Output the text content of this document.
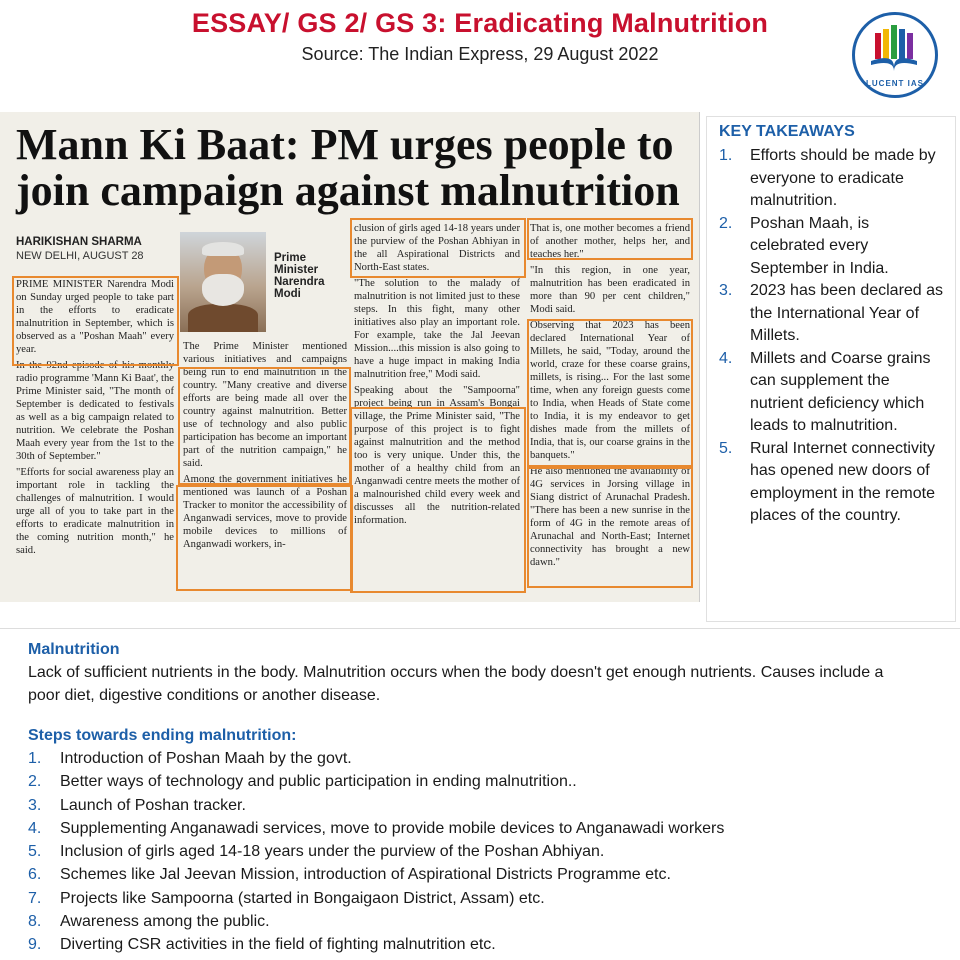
ESSAY/ GS 2/ GS 3: Eradicating Malnutrition
Source: The Indian Express, 29 August 2022
LUCENT IAS
Mann Ki Baat: PM urges people to
join campaign against malnutrition
HARIKISHAN SHARMA
NEW DELHI, AUGUST 28	Prime Minister Narendra Modi

PRIME MINISTER Narendra Modi on Sunday urged people to take part in the efforts to eradicate malnutrition in September, which is observed as a "Poshan Maah" every year.

In the 92nd episode of his monthly radio programme 'Mann Ki Baat', the Prime Minister said, "The month of September is dedicated to festivals as well as a big campaign related to nutrition. We celebrate the Poshan Maah every year from the 1st to the 30th of September."

"Efforts for social awareness play an important role in tackling the challenges of malnutrition. I would urge all of you to take part in the efforts to eradicate malnutrition in the coming nutrition month," he said.

The Prime Minister mentioned various initiatives and campaigns being run to end malnutrition in the country. "Many creative and diverse efforts are being made all over the country against malnutrition. Better use of technology and also public participation has become an important part of the nutrition campaign," he said.

Among the government initiatives he mentioned was launch of a Poshan Tracker to monitor the accessibility of Anganwadi services, move to provide mobile devices to millions of Anganwadi workers, in-

clusion of girls aged 14-18 years under the purview of the Poshan Abhiyan in the all Aspirational Districts and North-East states.

"The solution to the malady of malnutrition is not limited just to these steps. In this fight, many other initiatives also play an important role. For example, take the Jal Jeevan Mission....this mission is also going to have a huge impact in making India malnutrition free," Modi said.

Speaking about the "Sampoorna" project being run in Assam's Bongai village, the Prime Minister said, "The purpose of this project is to fight against malnutrition and the method too is very unique. Under this, the mother of a healthy child from an Anganwadi centre meets the mother of a malnourished child every week and discusses all the nutrition-related information.

That is, one mother becomes a friend of another mother, helps her, and teaches her."

"In this region, in one year, malnutrition has been eradicated in more than 90 per cent children," Modi said.

Observing that 2023 has been declared International Year of Millets, he said, "Today, around the world, craze for these coarse grains, millets, is rising... For the last some time, when any foreign guests come to India, when Heads of State come to India, it is my endeavor to get dishes made from the millets of India, that is, our coarse grains in the banquets."

He also mentioned the availability of 4G services in Jorsing village in Siang district of Arunachal Pradesh. "There has been a new sunrise in the form of 4G in the remote areas of Arunachal and North-East; Internet connectivity has brought a new dawn."

KEY TAKEAWAYS
1. Efforts should be made by everyone to eradicate malnutrition.
2. Poshan Maah, is celebrated every September in India.
3. 2023 has been declared as the International Year of Millets.
4. Millets and Coarse grains can supplement the nutrient deficiency which leads to malnutrition.
5. Rural Internet connectivity has opened new doors of employment in the remote places of the country.
Malnutrition

Lack of sufficient nutrients in the body. Malnutrition occurs when the body doesn't get enough nutrients. Causes include a poor diet, digestive conditions or another disease.

Steps towards ending malnutrition:
1. Introduction of Poshan Maah by the govt.
2. Better ways of technology and public participation in ending malnutrition..
3. Launch of Poshan tracker.
4. Supplementing Anganawadi services, move to provide mobile devices to Anganawadi workers
5. Inclusion of girls aged 14-18 years under the purview of the Poshan Abhiyan.
6. Schemes like Jal Jeevan Mission, introduction of Aspirational Districts Programme etc.
7. Projects like Sampoorna (started in Bongaigaon District, Assam) etc.
8. Awareness among the public.
9. Diverting CSR activities in the field of fighting malnutrition etc.
